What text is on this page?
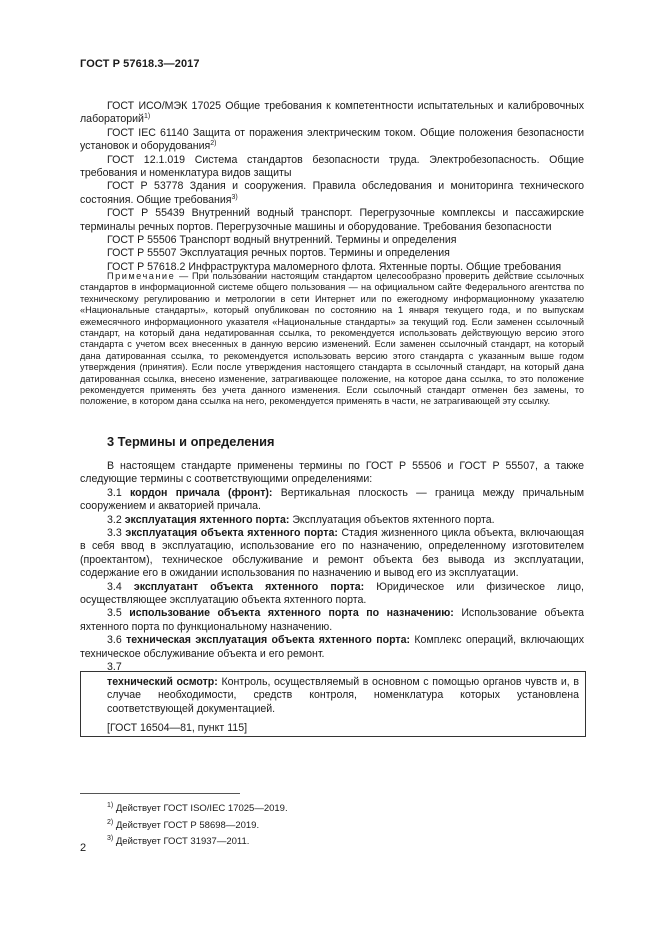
ГОСТ Р 57618.3—2017

ГОСТ ИСО/МЭК 17025 Общие требования к компетентности испытательных и калибровочных лабораторий$^{1)}$

ГОСТ IEC 61140 Защита от поражения электрическим током. Общие положения безопасности установок и оборудования$^{2)}$

ГОСТ 12.1.019 Система стандартов безопасности труда. Электробезопасность. Общие требования и номенклатура видов защиты

ГОСТ Р 53778 Здания и сооружения. Правила обследования и мониторинга технического состояния. Общие требования$^{3)}$

ГОСТ Р 55439 Внутренний водный транспорт. Перегрузочные комплексы и пассажирские терминалы речных портов. Перегрузочные машины и оборудование. Требования безопасности

ГОСТ Р 55506 Транспорт водный внутренний. Термины и определения

ГОСТ Р 55507 Эксплуатация речных портов. Термины и определения

ГОСТ Р 57618.2 Инфраструктура маломерного флота. Яхтенные порты. Общие требования

Примечание — При пользовании настоящим стандартом целесообразно проверить действие ссылочных стандартов в информационной системе общего пользования — на официальном сайте Федерального агентства по техническому регулированию и метрологии в сети Интернет или по ежегодному информационному указателю «Национальные стандарты», который опубликован по состоянию на 1 января текущего года, и по выпускам ежемесячного информационного указателя «Национальные стандарты» за текущий год. Если заменен ссылочный стандарт, на который дана недатированная ссылка, то рекомендуется использовать действующую версию этого стандарта с учетом всех внесенных в данную версию изменений. Если заменен ссылочный стандарт, на который дана датированная ссылка, то рекомендуется использовать версию этого стандарта с указанным выше годом утверждения (принятия). Если после утверждения настоящего стандарта в ссылочный стандарт, на который дана датированная ссылка, внесено изменение, затрагивающее положение, на которое дана ссылка, то это положение рекомендуется применять без учета данного изменения. Если ссылочный стандарт отменен без замены, то положение, в котором дана ссылка на него, рекомендуется применять в части, не затрагивающей эту ссылку.

3 Термины и определения

В настоящем стандарте применены термины по ГОСТ Р 55506 и ГОСТ Р 55507, а также следующие термины с соответствующими определениями:

3.1 кордон причала (фронт): Вертикальная плоскость — граница между причальным сооружением и акваторией причала.

3.2 эксплуатация яхтенного порта: Эксплуатация объектов яхтенного порта.

3.3 эксплуатация объекта яхтенного порта: Стадия жизненного цикла объекта, включающая в себя ввод в эксплуатацию, использование его по назначению, определенному изготовителем (проектантом), техническое обслуживание и ремонт объекта без вывода из эксплуатации, содержание его в ожидании использования по назначению и вывод его из эксплуатации.

3.4 эксплуатант объекта яхтенного порта: Юридическое или физическое лицо, осуществляющее эксплуатацию объекта яхтенного порта.

3.5 использование объекта яхтенного порта по назначению: Использование объекта яхтенного порта по функциональному назначению.

3.6 техническая эксплуатация объекта яхтенного порта: Комплекс операций, включающих техническое обслуживание объекта и его ремонт.

3.7

технический осмотр: Контроль, осуществляемый в основном с помощью органов чувств и, в случае необходимости, средств контроля, номенклатура которых установлена соответствующей документацией.

[ГОСТ 16504—81, пункт 115]

$^{1)}$ Действует ГОСТ ISO/IEC 17025—2019.
$^{2)}$ Действует ГОСТ Р 58698—2019.
$^{3)}$ Действует ГОСТ 31937—2011.
2
